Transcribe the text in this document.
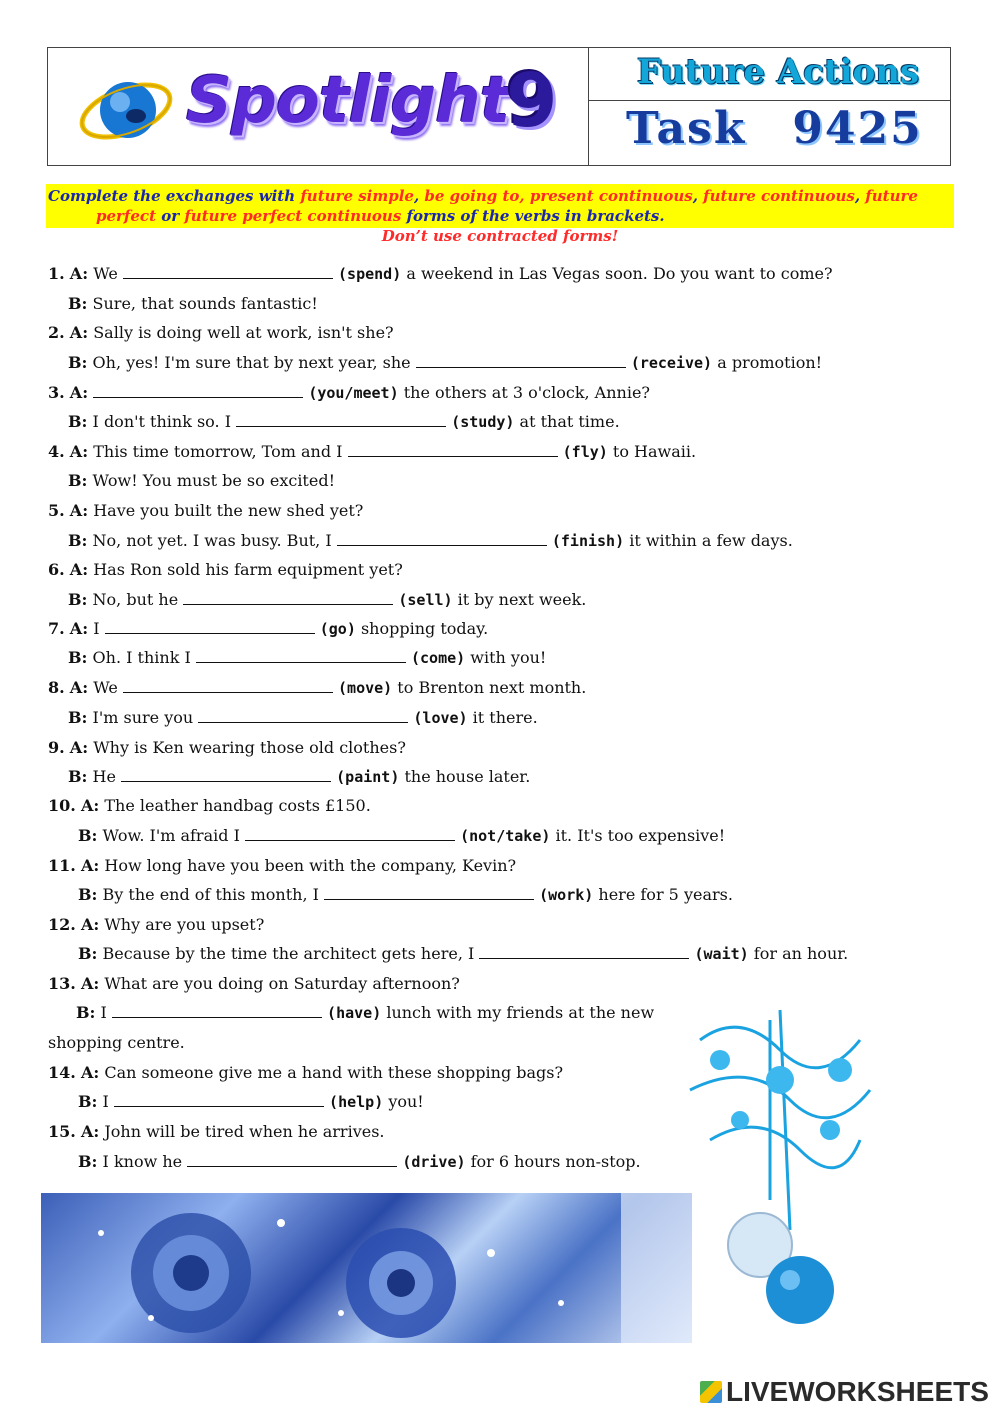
Spotlight
9	Future Actions
Task 9425
Complete the exchanges with future simple, be going to, present continuous, future continuous, future
perfect or future perfect continuous forms of the verbs in brackets.
Don’t use contracted forms!
1. A: We	(spend) a weekend in Las Vegas soon. Do you want to come?
B: Sure, that sounds fantastic!
2. A: Sally is doing well at work, isn't she?
B: Oh, yes! I'm sure that by next year, she	(receive) a promotion!
3. A:	(you/meet) the others at 3 o'clock, Annie?
B: I don't think so. I	(study) at that time.
4. A: This time tomorrow, Tom and I	(fly) to Hawaii.
B: Wow! You must be so excited!
5. A: Have you built the new shed yet?
B: No, not yet. I was busy. But, I	(finish) it within a few days.
6. A: Has Ron sold his farm equipment yet?
B: No, but he	(sell) it by next week.
7. A: I	(go) shopping today.
B: Oh. I think I	(come) with you!
8. A: We	(move) to Brenton next month.
B: I'm sure you	(love) it there.
9. A: Why is Ken wearing those old clothes?
B: He	(paint) the house later.
10. A: The leather handbag costs £150.
B: Wow. I'm afraid I	(not/take) it. It's too expensive!
11. A: How long have you been with the company, Kevin?
B: By the end of this month, I	(work) here for 5 years.
12. A: Why are you upset?
B: Because by the time the architect gets here, I	(wait) for an hour.
13. A: What are you doing on Saturday afternoon?
B: I	(have) lunch with my friends at the new
shopping centre.
14. A: Can someone give me a hand with these shopping bags?
B: I	(help) you!
15. A: John will be tired when he arrives.
B: I know he	(drive) for 6 hours non-stop.
LIVEWORKSHEETS
